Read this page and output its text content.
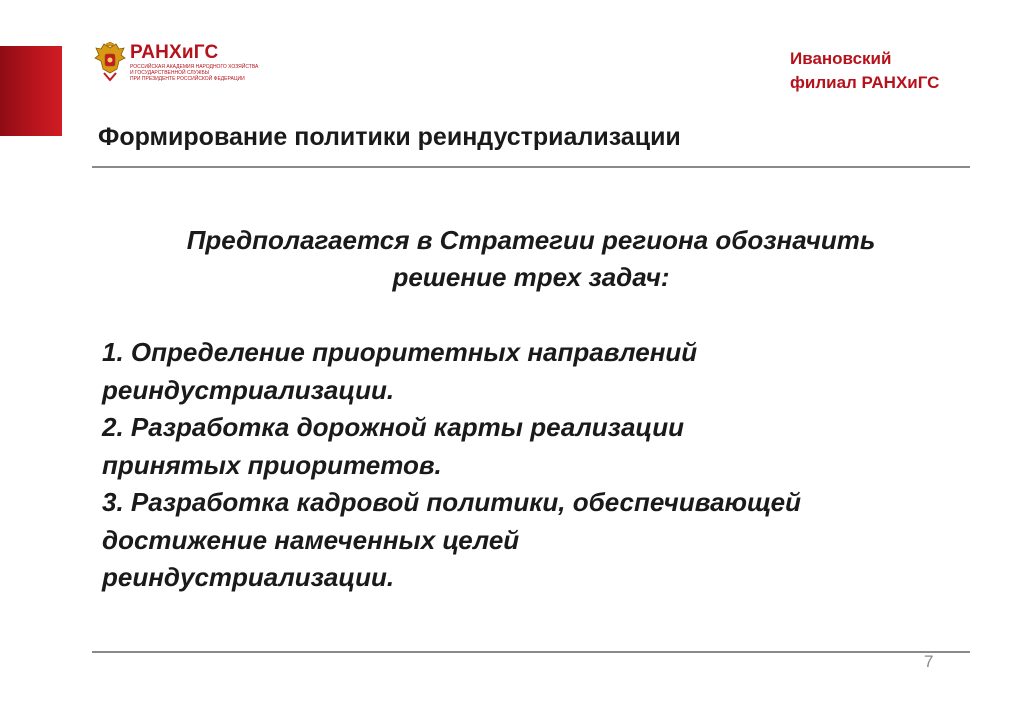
РАНХиГС
РОССИЙСКАЯ АКАДЕМИЯ НАРОДНОГО ХОЗЯЙСТВА
И ГОСУДАРСТВЕННОЙ СЛУЖБЫ
ПРИ ПРЕЗИДЕНТЕ РОССИЙСКОЙ ФЕДЕРАЦИИ
Ивановский
филиал РАНХиГС
Формирование политики реиндустриализации
Предполагается в Стратегии региона обозначить
решение трех задач:
1. Определение приоритетных направлений
реиндустриализации.
2. Разработка дорожной карты реализации
принятых приоритетов.
3. Разработка кадровой политики, обеспечивающей
достижение намеченных целей
реиндустриализации.
7
